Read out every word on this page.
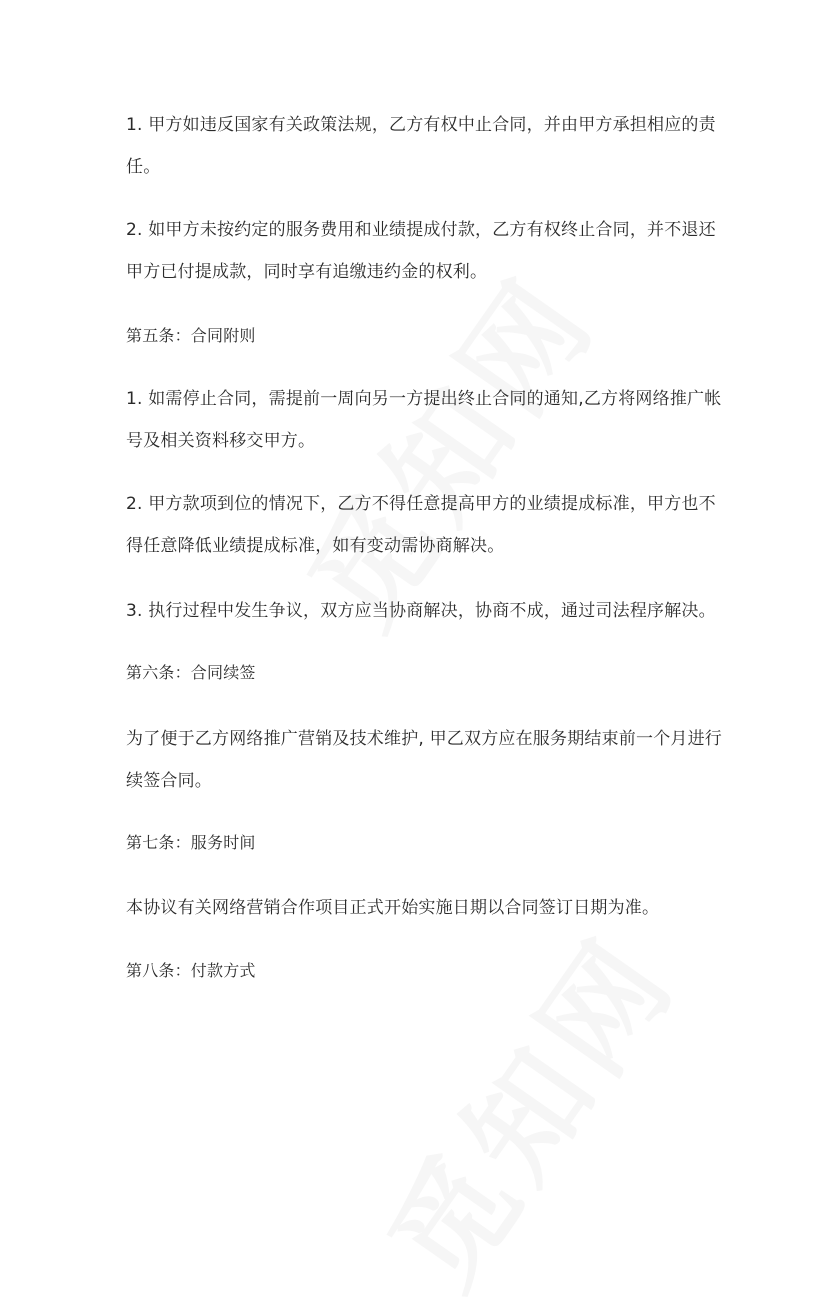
1. 甲方如违反国家有关政策法规，乙方有权中止合同，并由甲方承担相应的责
任。
2. 如甲方未按约定的服务费用和业绩提成付款，乙方有权终止合同，并不退还
甲方已付提成款，同时享有追缴违约金的权利。
第五条：合同附则
1. 如需停止合同，需提前一周向另一方提出终止合同的通知,乙方将网络推广帐
号及相关资料移交甲方。
2. 甲方款项到位的情况下，乙方不得任意提高甲方的业绩提成标准，甲方也不
得任意降低业绩提成标准，如有变动需协商解决。
3. 执行过程中发生争议，双方应当协商解决，协商不成，通过司法程序解决。
第六条：合同续签
为了便于乙方网络推广营销及技术维护, 甲乙双方应在服务期结束前一个月进行
续签合同。
第七条：服务时间
本协议有关网络营销合作项目正式开始实施日期以合同签订日期为准。
第八条：付款方式
